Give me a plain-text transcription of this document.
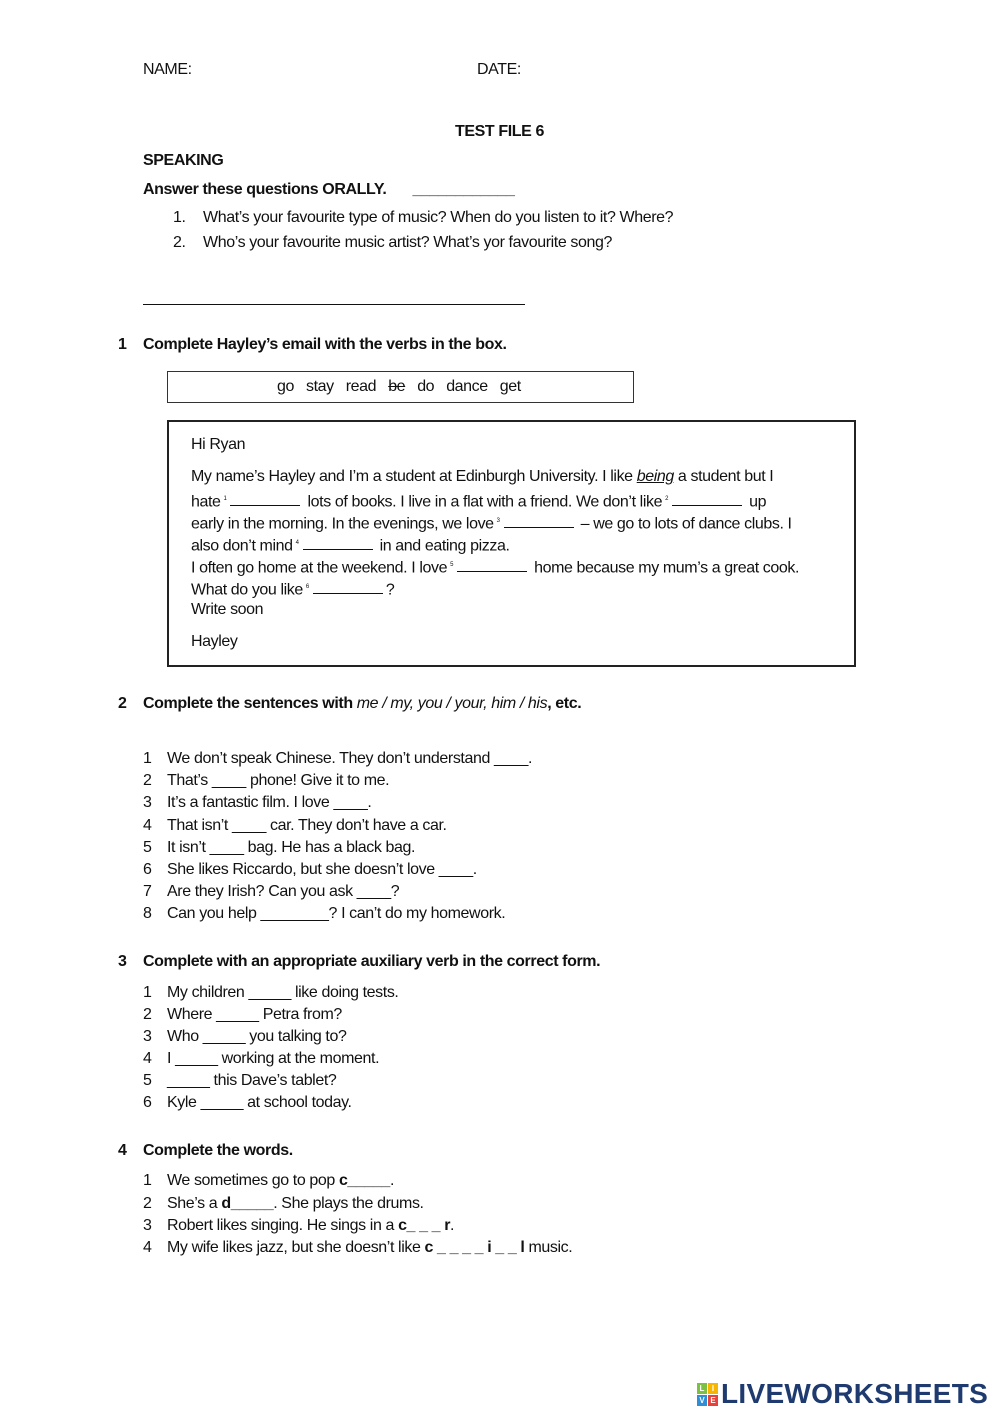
NAME:	DATE:
TEST FILE 6
SPEAKING
Answer these questions ORALLY. ____________
1. What’s your favourite type of music? When do you listen to it? Where?
2. Who’s your favourite music artist? What’s yor favourite song?
1 Complete Hayley’s email with the verbs in the box.
go stay read be do dance get
Hi Ryan
My name’s Hayley and I’m a student at Edinburgh University. I like being a student but I
hate $^1$	lots of books. I live in a flat with a friend. We don’t like $^2$	up
early in the morning. In the evenings, we love $^3$	– we go to lots of dance clubs. I
also don’t mind $^4$	in and eating pizza.
I often go home at the weekend. I love $^5$	home because my mum’s a great cook.
What do you like $^6$	?
Write soon
Hayley
2 Complete the sentences with me / my, you / your, him / his, etc.
1 We don’t speak Chinese. They don’t understand ____.
2 That’s ____ phone! Give it to me.
3 It’s a fantastic film. I love ____.
4 That isn’t ____ car. They don’t have a car.
5 It isn’t ____ bag. He has a black bag.
6 She likes Riccardo, but she doesn’t love ____.
7 Are they Irish? Can you ask ____?
8 Can you help ________? I can’t do my homework.
3 Complete with an appropriate auxiliary verb in the correct form.
1 My children _____ like doing tests.
2 Where _____ Petra from?
3 Who _____ you talking to?
4 I _____ working at the moment.
5 _____ this Dave’s tablet?
6 Kyle _____ at school today.
4 Complete the words.
1 We sometimes go to pop c_____.
2 She’s a d_____. She plays the drums.
3 Robert likes singing. He sings in a c_ _ _ r.
4 My wife likes jazz, but she doesn’t like c _ _ _ _ i _ _ l music.
L I
V E LIVEWORKSHEETS
